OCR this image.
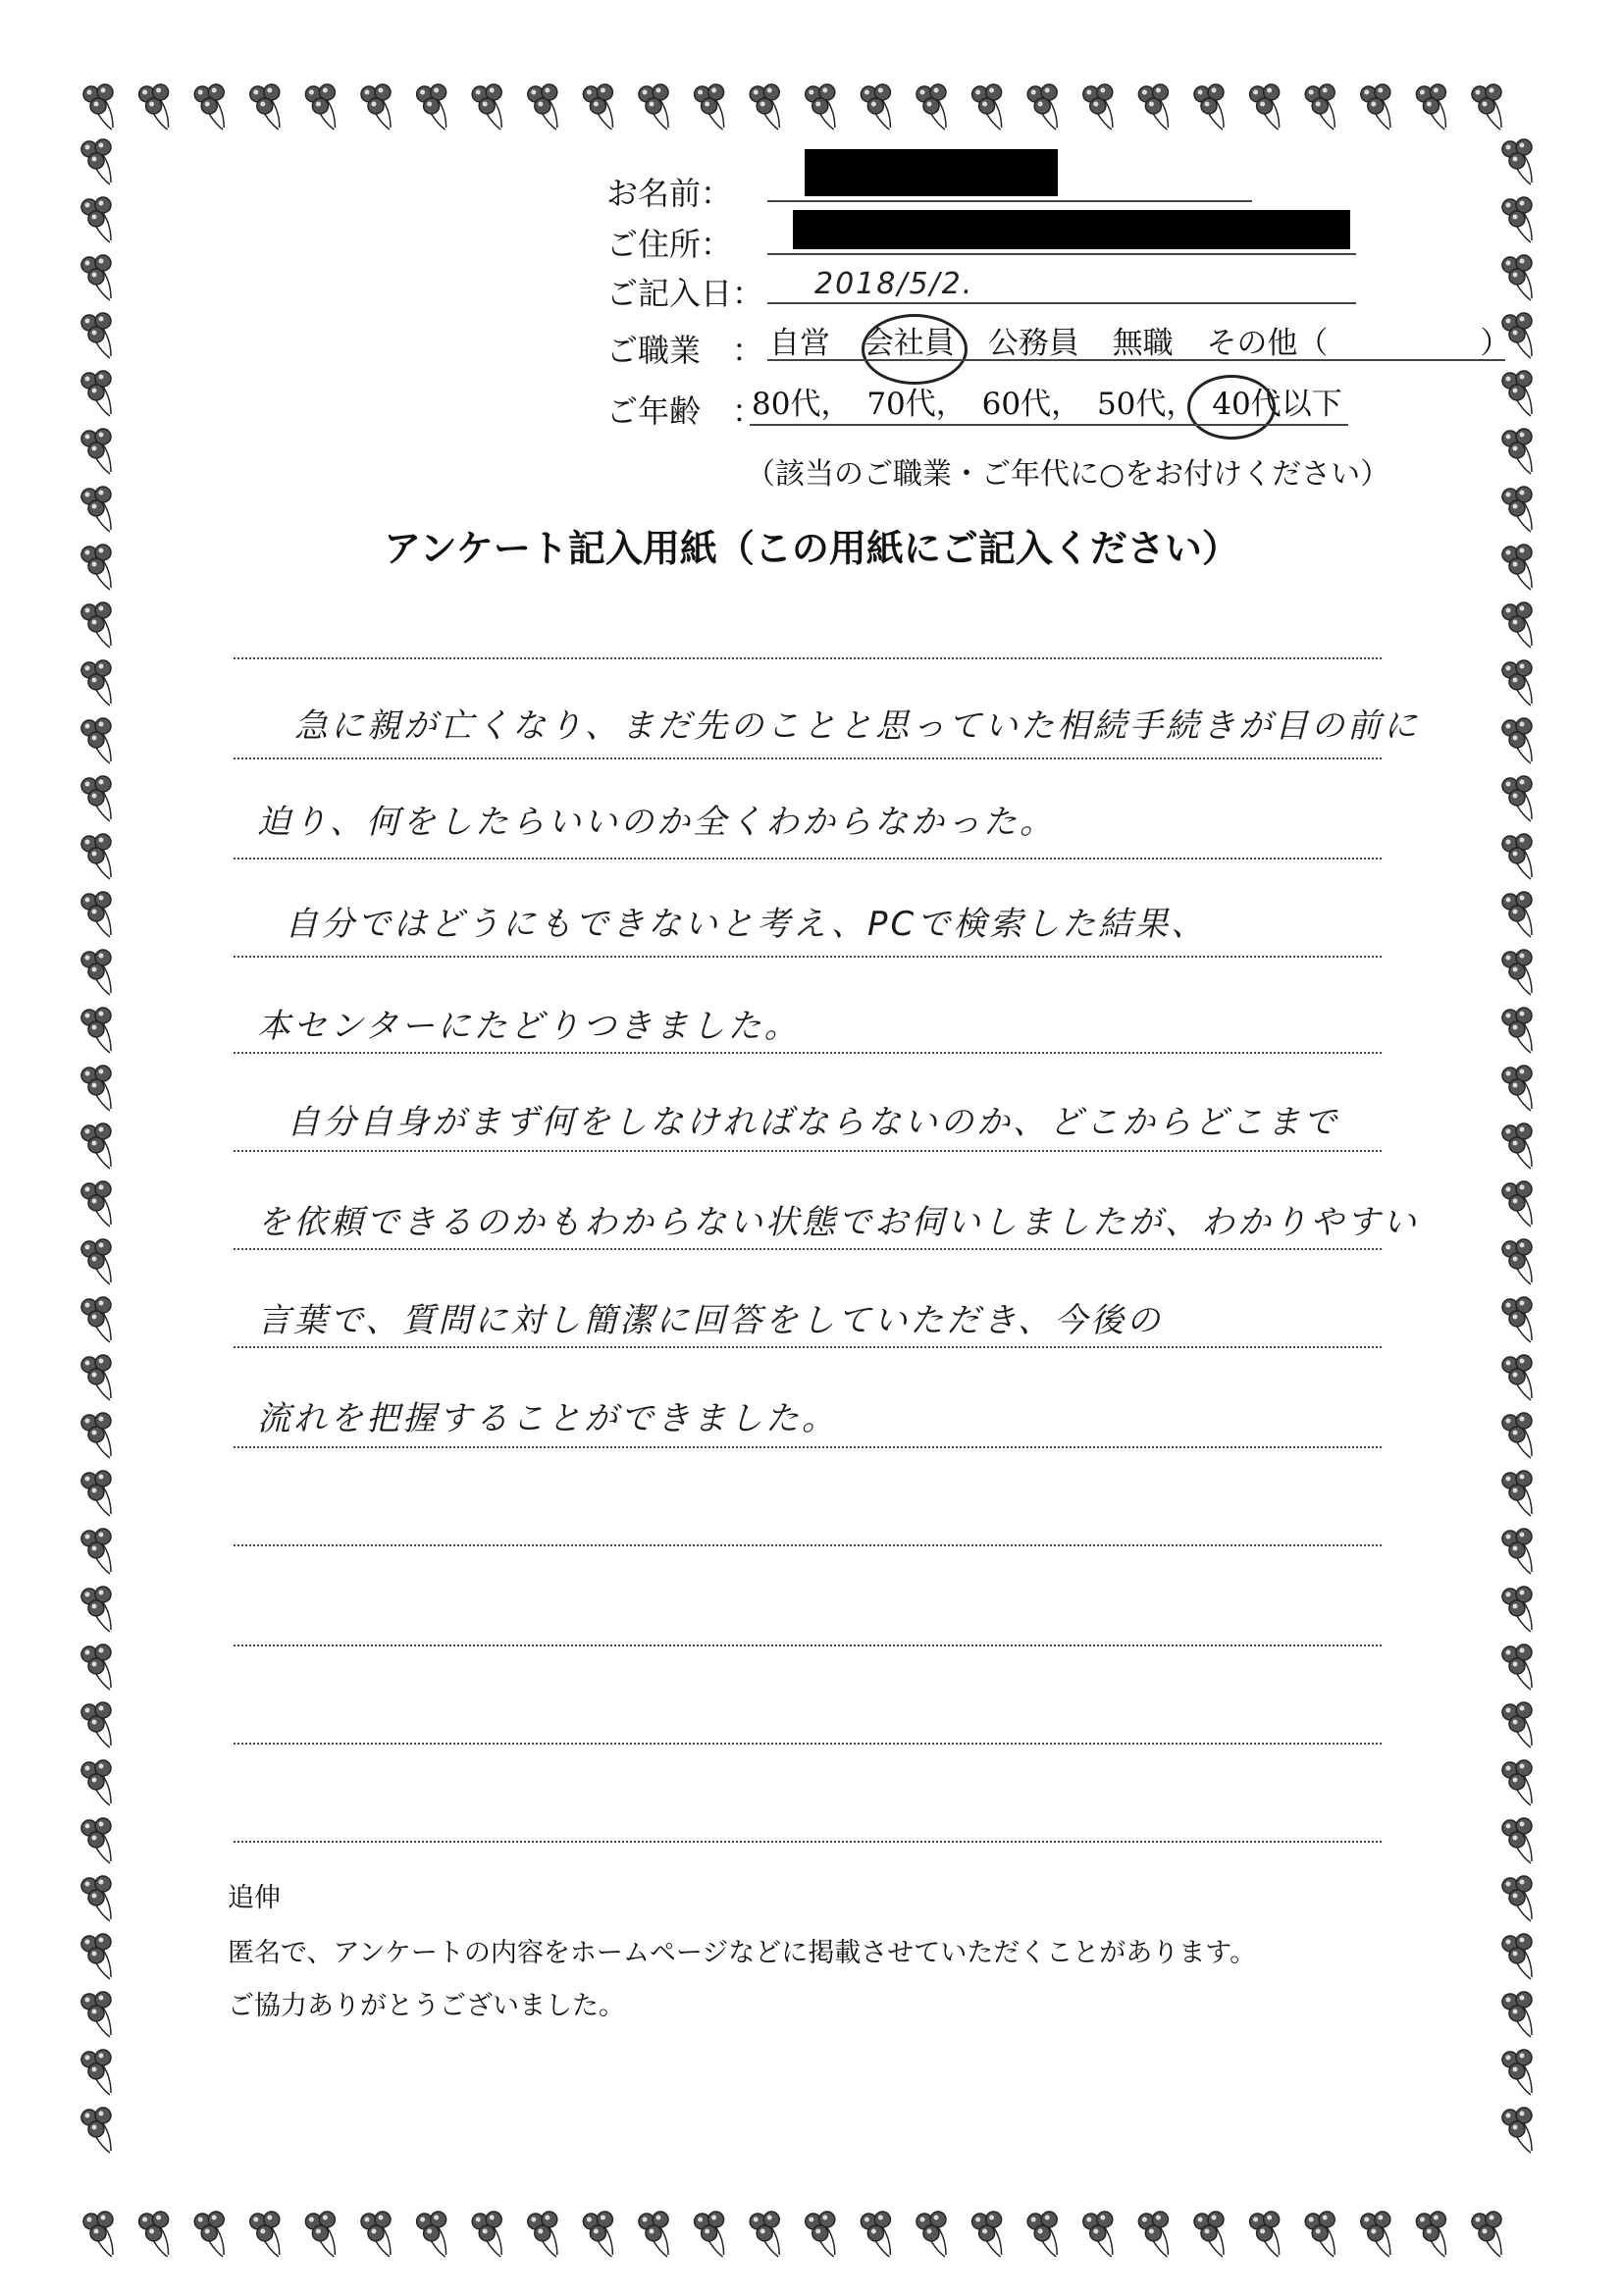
お名前：
ご住所：
ご記入日： 2018/5/2.
ご職業　： 自営 会社員 公務員 無職 その他（　　　　　）
ご年齢　：
80代， 70代， 60代， 50代， 40代以下
（該当のご職業・ご年代に○をお付けください）
アンケート記入用紙（この用紙にご記入ください）
急に親が亡くなり、まだ先のことと思っていた相続手続きが目の前に
迫り、何をしたらいいのか全くわからなかった。
自分ではどうにもできないと考え、PCで検索した結果、
本センターにたどりつきました。
自分自身がまず何をしなければならないのか、どこからどこまで
を依頼できるのかもわからない状態でお伺いしましたが、わかりやすい
言葉で、質問に対し簡潔に回答をしていただき、今後の
流れを把握することができました。
追伸
匿名で、アンケートの内容をホームページなどに掲載させていただくことがあります。
ご協力ありがとうございました。
